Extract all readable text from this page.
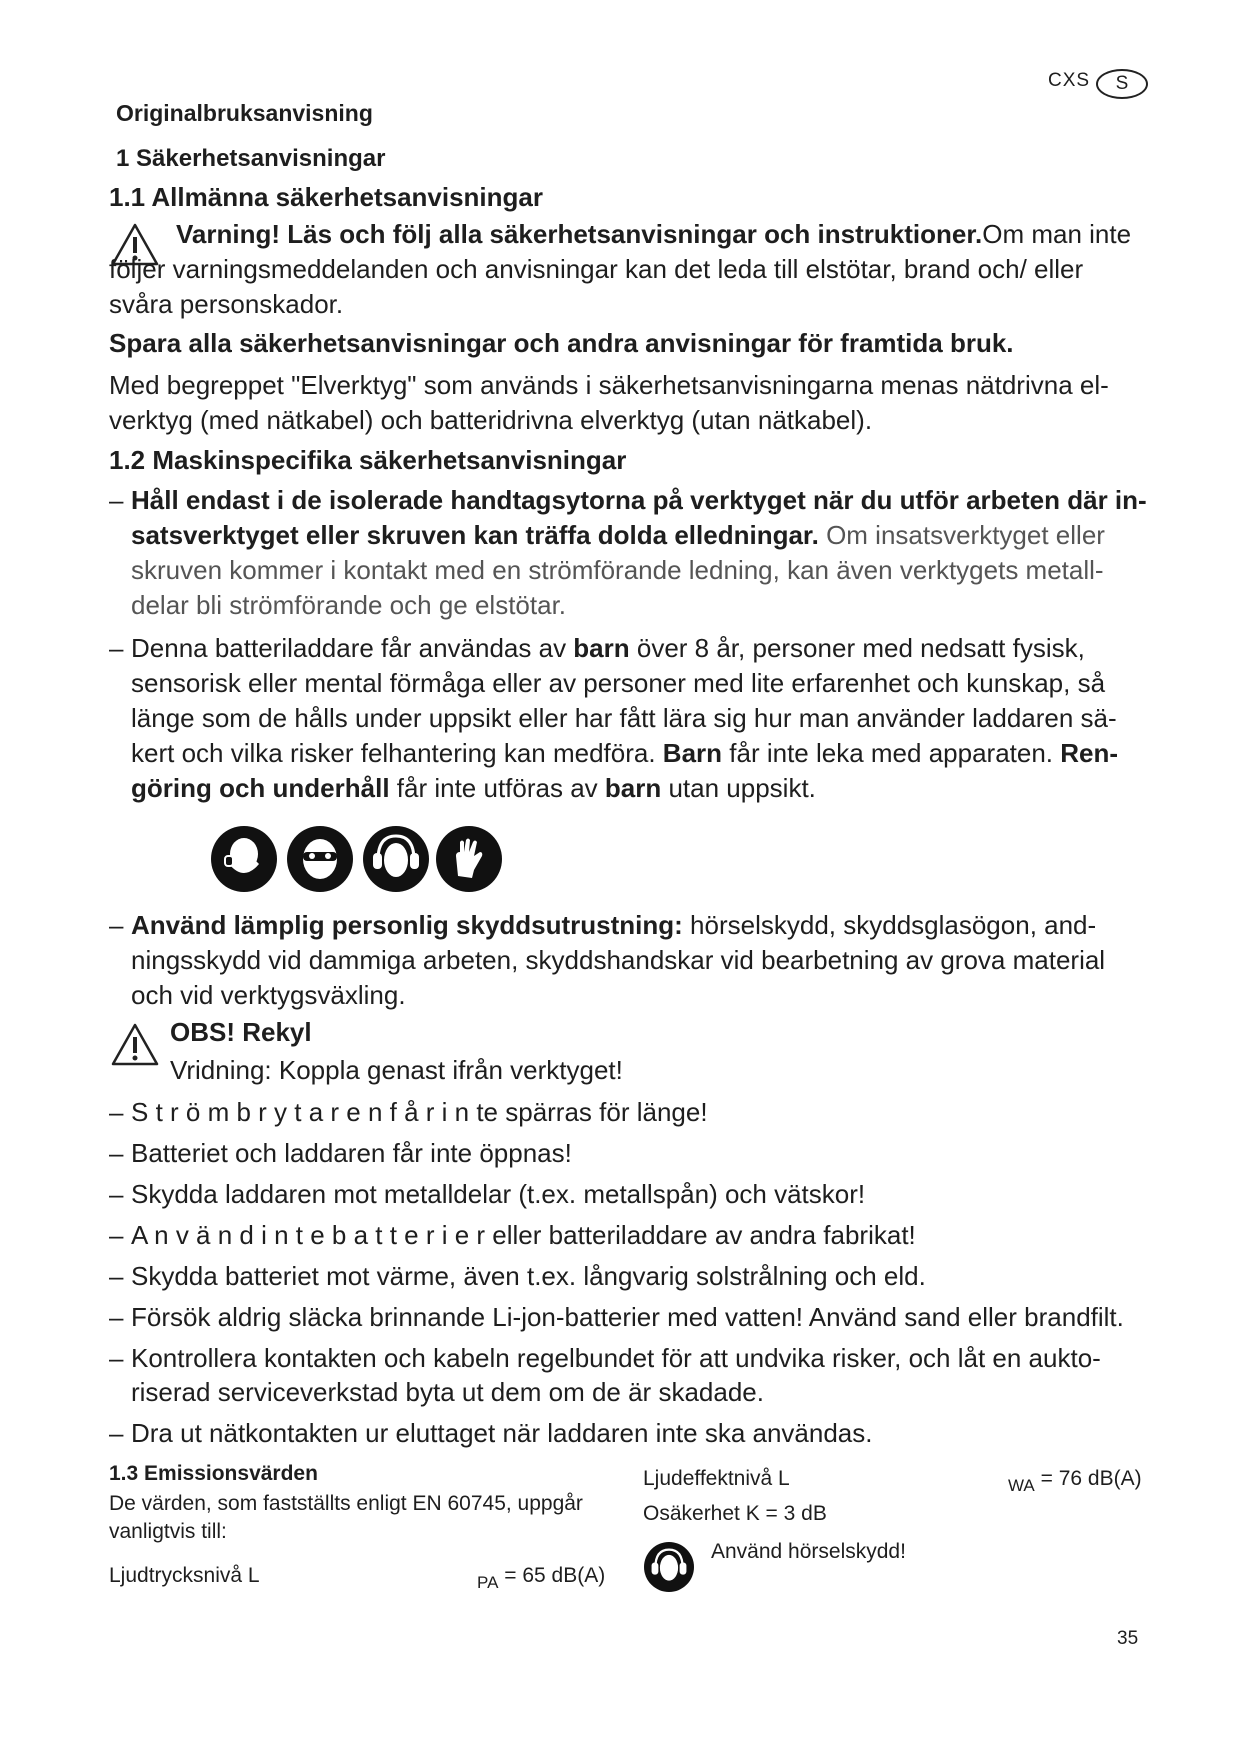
CXS	S
Originalbruksanvisning
1 Säkerhetsanvisningar
1.1 Allmänna säkerhetsanvisningar
Varning! Läs och följ alla säkerhetsanvisningar och instruktioner.Om man inte följer varningsmeddelanden och anvisningar kan det leda till elstötar, brand och/ eller svåra personskador.
Spara alla säkerhetsanvisningar och andra anvisningar för framtida bruk.
Med begreppet "Elverktyg" som används i säkerhetsanvisningarna menas nätdrivna el-verktyg (med nätkabel) och batteridrivna elverktyg (utan nätkabel).
1.2 Maskinspecifika säkerhetsanvisningar
– Håll endast i de isolerade handtagsytorna på verktyget när du utför arbeten där in-satsverktyget eller skruven kan träffa dolda elledningar. Om insatsverktyget eller skruven kommer i kontakt med en strömförande ledning, kan även verktygets metall-delar bli strömförande och ge elstötar.
– Denna batteriladdare får användas av barn över 8 år, personer med nedsatt fysisk, sensorisk eller mental förmåga eller av personer med lite erfarenhet och kunskap, så länge som de hålls under uppsikt eller har fått lära sig hur man använder laddaren sä-kert och vilka risker felhantering kan medföra. Barn får inte leka med apparaten. Ren-göring och underhåll får inte utföras av barn utan uppsikt.
– Använd lämplig personlig skyddsutrustning: hörselskydd, skyddsglasögon, and-ningsskydd vid dammiga arbeten, skyddshandskar vid bearbetning av grova material och vid verktygsväxling.
OBS! Rekyl
Vridning: Koppla genast ifrån verktyget!
– S t r ö m b r y t a r e n f å r i n te spärras för länge!
– Batteriet och laddaren får inte öppnas!
– Skydda laddaren mot metalldelar (t.ex. metallspån) och vätskor!
– A n v ä n d i n t e b a t t e r i e r eller batteriladdare av andra fabrikat!
– Skydda batteriet mot värme, även t.ex. långvarig solstrålning och eld.
– Försök aldrig släcka brinnande Li-jon-batterier med vatten! Använd sand eller brandfilt.
– Kontrollera kontakten och kabeln regelbundet för att undvika risker, och låt en aukto-riserad serviceverkstad byta ut dem om de är skadade.
– Dra ut nätkontakten ur eluttaget när laddaren inte ska användas.
1.3 Emissionsvärden
De värden, som fastställts enligt EN 60745, uppgår vanligtvis till:
Ljudtrycksnivå L	$_{PA}$ = 65 dB(A)
Ljudeffektnivå L	$_{WA}$ = 76 dB(A)
Osäkerhet K = 3 dB
Använd hörselskydd!
35
